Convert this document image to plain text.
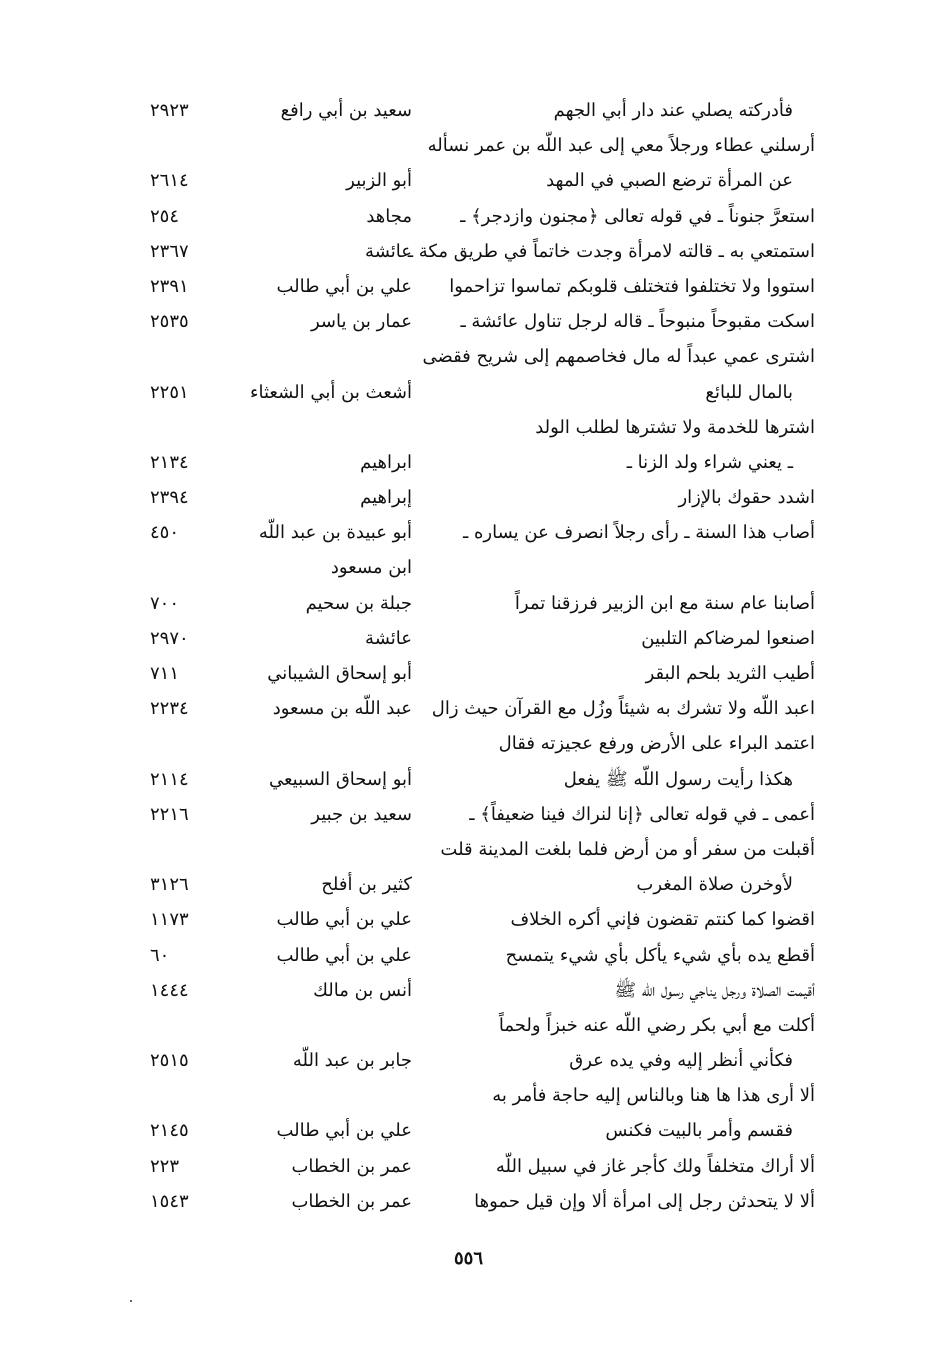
فأدركته يصلي عند دار أبي الجهم
سعيد بن أبي رافع
٢٩٢٣
أرسلني عطاء ورجلاً معي إلى عبد اللّه بن عمر نسأله
عن المرأة ترضع الصبي في المهد
أبو الزبير
٢٦١٤
استعرَّ جنوناً ـ في قوله تعالى ﴿مجنون وازدجر﴾ ـ
مجاهد
٢٥٤
استمتعي به ـ قالته لامرأة وجدت خاتماً في طريق مكة ـ
عائشة
٢٣٦٧
استووا ولا تختلفوا فتختلف قلوبكم تماسوا تزاحموا
علي بن أبي طالب
٢٣٩١
اسكت مقبوحاً منبوحاً ـ قاله لرجل تناول عائشة ـ
عمار بن ياسر
٢٥٣٥
اشترى عمي عبداً له مال فخاصمهم إلى شريح فقضى
بالمال للبائع
أشعث بن أبي الشعثاء
٢٢٥١
اشترها للخدمة ولا تشترها لطلب الولد
ـ يعني شراء ولد الزنا ـ
ابراهيم
٢١٣٤
اشدد حقوك بالإزار
إبراهيم
٢٣٩٤
أصاب هذا السنة ـ رأى رجلاً انصرف عن يساره ـ
أبو عبيدة بن عبد اللّه
٤٥٠
ابن مسعود
أصابنا عام سنة مع ابن الزبير فرزقنا تمراً
جبلة بن سحيم
٧٠٠
اصنعوا لمرضاكم التلبين
عائشة
٢٩٧٠
أطيب الثريد بلحم البقر
أبو إسحاق الشيباني
٧١١
اعبد اللّه ولا تشرك به شيئاً وزُل مع القرآن حيث زال
عبد اللّه بن مسعود
٢٢٣٤
اعتمد البراء على الأرض ورفع عجيزته فقال
هكذا رأيت رسول اللّه ﷺ يفعل
أبو إسحاق السبيعي
٢١١٤
أعمى ـ في قوله تعالى ﴿إنا لنراك فينا ضعيفاً﴾ ـ
سعيد بن جبير
٢٢١٦
أقبلت من سفر أو من أرض فلما بلغت المدينة قلت
لأوخرن صلاة المغرب
كثير بن أفلح
٣١٢٦
اقضوا كما كنتم تقضون فإني أكره الخلاف
علي بن أبي طالب
١١٧٣
أقطع يده بأي شيء يأكل بأي شيء يتمسح
علي بن أبي طالب
٦٠
أقيمت الصلاة ورجل يناجي رسول اللّه ﷺ
أنس بن مالك
١٤٤٤
أكلت مع أبي بكر رضي اللّه عنه خبزاً ولحماً
فكأني أنظر إليه وفي يده عرق
جابر بن عبد اللّه
٢٥١٥
ألا أرى هذا ها هنا وبالناس إليه حاجة فأمر به
فقسم وأمر بالبيت فكنس
علي بن أبي طالب
٢١٤٥
ألا أراك متخلفاً ولك كأجر غاز في سبيل اللّه
عمر بن الخطاب
٢٢٣
ألا لا يتحدثن رجل إلى امرأة ألا وإن قيل حموها
عمر بن الخطاب
١٥٤٣
٥٥٦
